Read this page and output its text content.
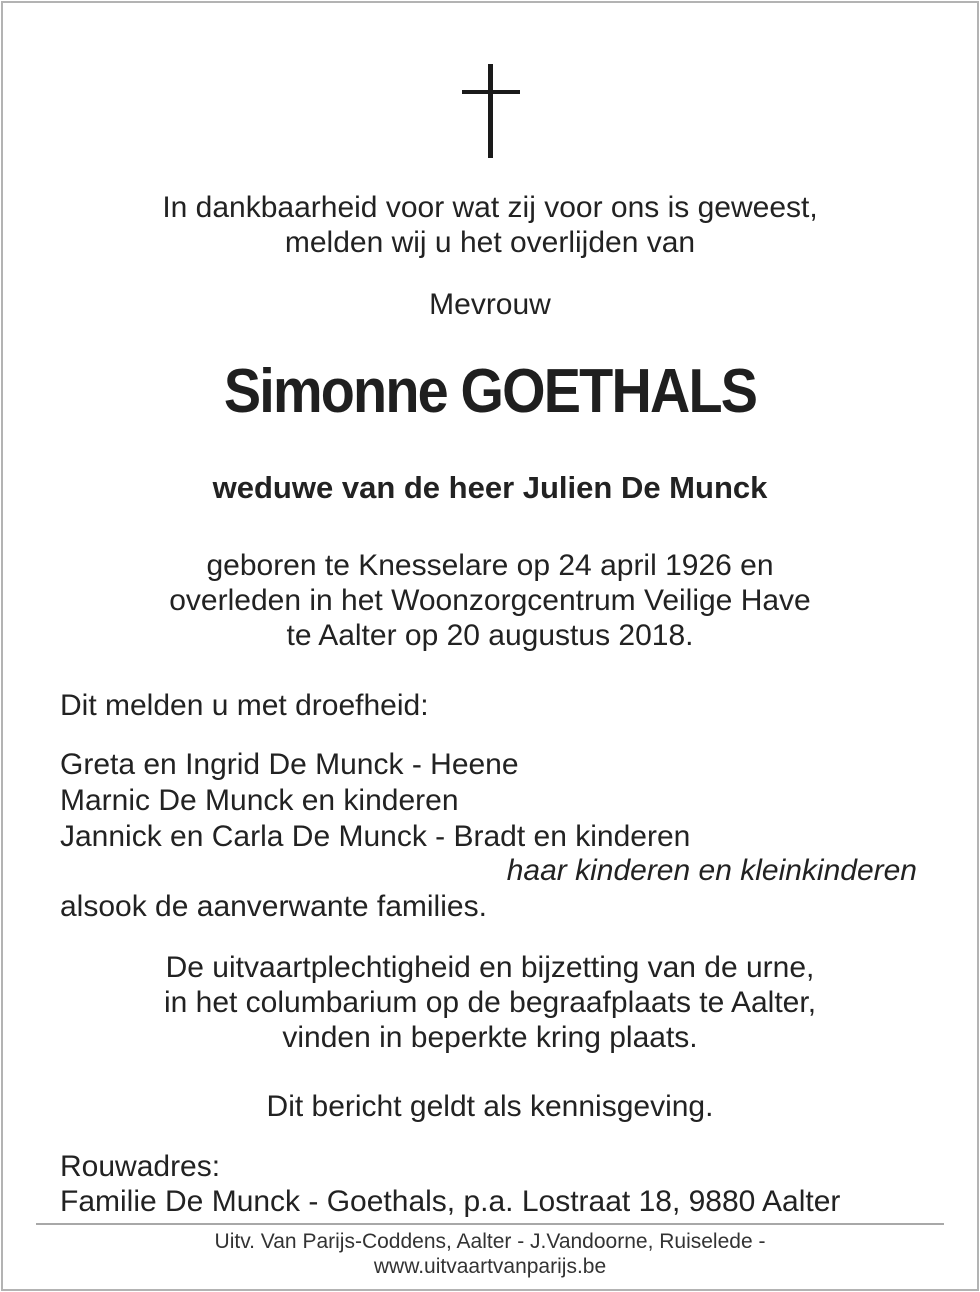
In dankbaarheid voor wat zij voor ons is geweest,
melden wij u het overlijden van
Mevrouw
Simonne GOETHALS
weduwe van de heer Julien De Munck
geboren te Knesselare op 24 april 1926 en
overleden in het Woonzorgcentrum Veilige Have
te Aalter op 20 augustus 2018.
Dit melden u met droefheid:
Greta en Ingrid De Munck - Heene
Marnic De Munck en kinderen
Jannick en Carla De Munck - Bradt en kinderen
haar kinderen en kleinkinderen
alsook de aanverwante families.
De uitvaartplechtigheid en bijzetting van de urne,
in het columbarium op de begraafplaats te Aalter,
vinden in beperkte kring plaats.
Dit bericht geldt als kennisgeving.
Rouwadres:
Familie De Munck - Goethals, p.a. Lostraat 18, 9880 Aalter
Uitv. Van Parijs-Coddens, Aalter - J.Vandoorne, Ruiselede -
www.uitvaartvanparijs.be
